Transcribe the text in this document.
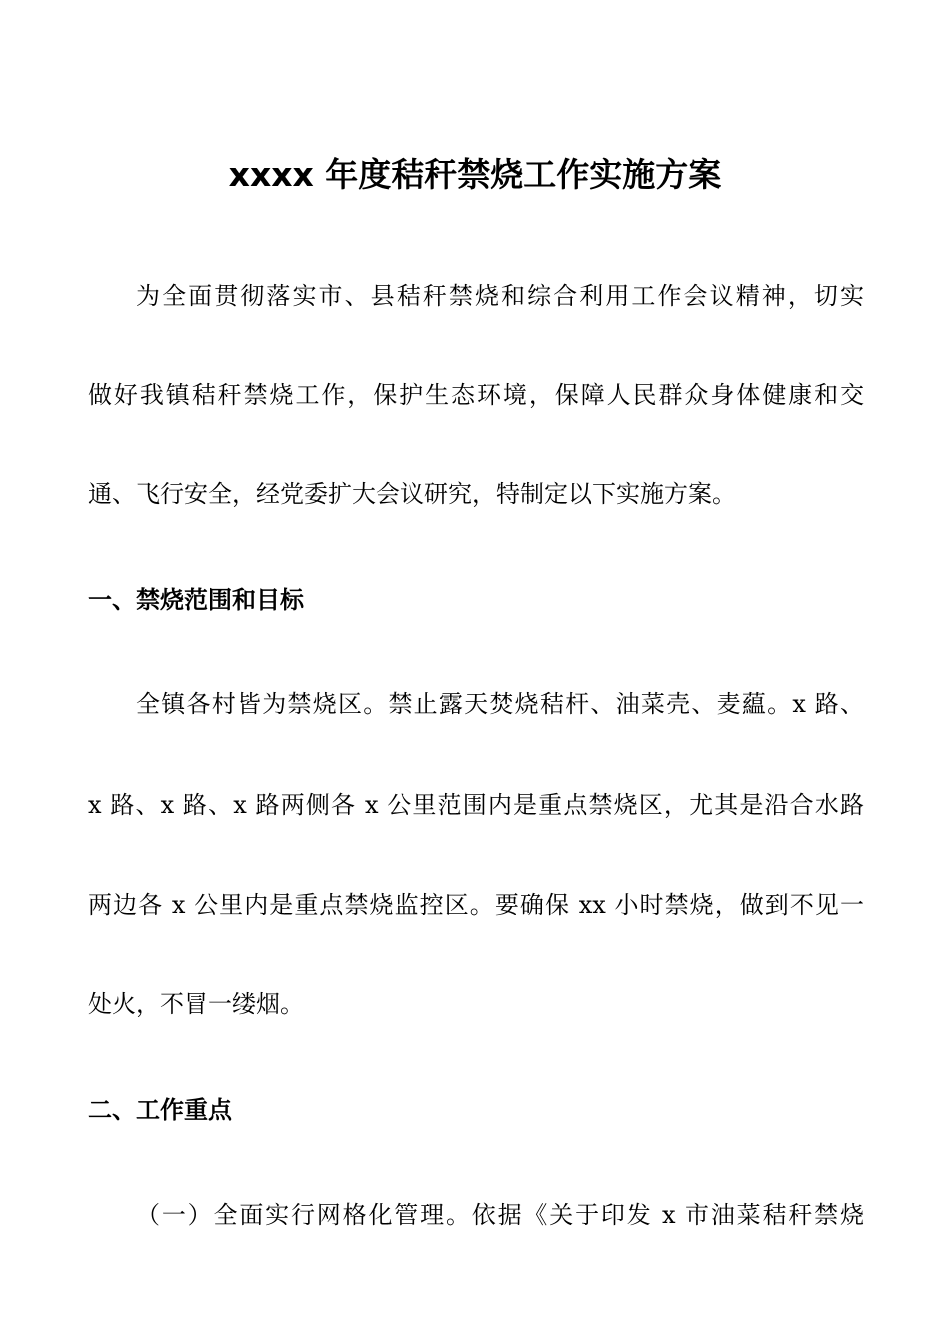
xxxx 年度秸秆禁烧工作实施方案
为全面贯彻落实市、县秸秆禁烧和综合利用工作会议精神，切实
做好我镇秸秆禁烧工作，保护生态环境，保障人民群众身体健康和交
通、飞行安全，经党委扩大会议研究，特制定以下实施方案。
一、禁烧范围和目标
全镇各村皆为禁烧区。禁止露天焚烧秸杆、油菜壳、麦藴。x 路、
x 路、x 路、x 路两侧各 x 公里范围内是重点禁烧区，尤其是沿合水路
两边各 x 公里内是重点禁烧监控区。要确保 xx 小时禁烧，做到不见一
处火，不冒一缕烟。
二、工作重点
（一）全面实行网格化管理。依据《关于印发 x 市油菜秸秆禁烧
